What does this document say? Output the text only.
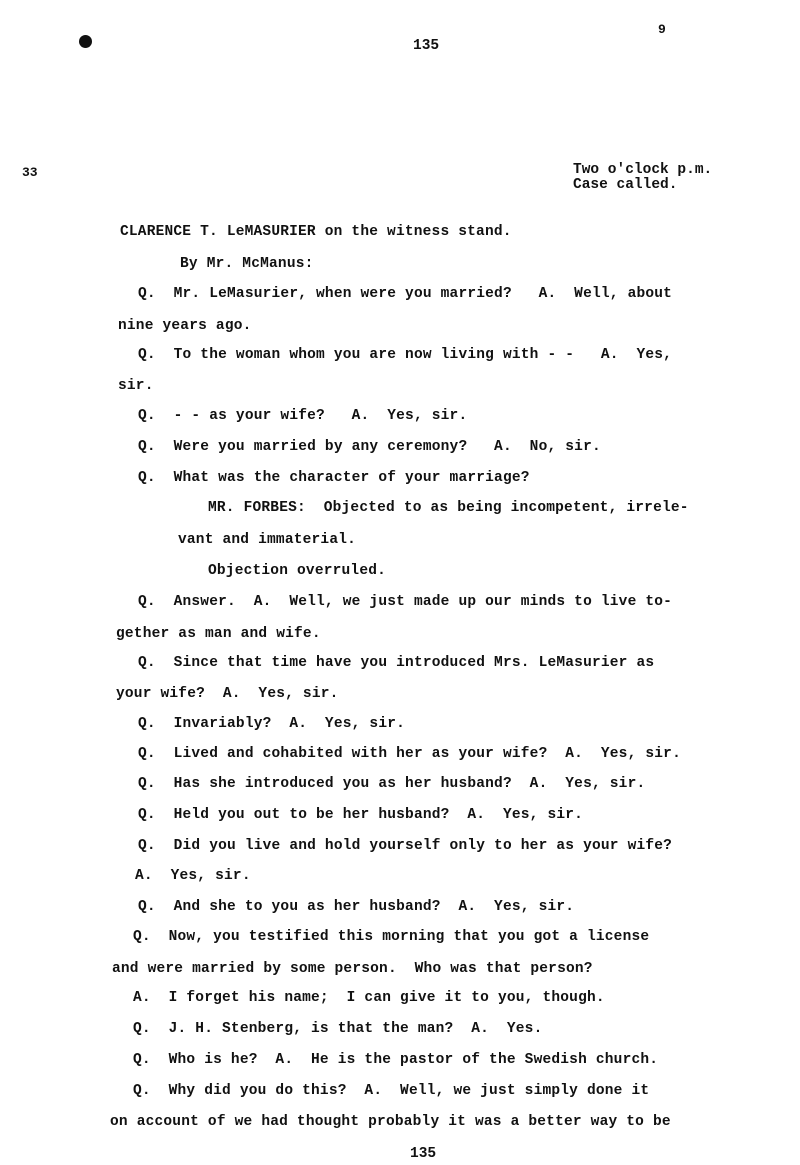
135
9
33	Two o'clock p.m.
Case called.
CLARENCE T. LeMASURIER on the witness stand.
By Mr. McManus:
Q.  Mr. LeMasurier, when were you married?   A.  Well, about
nine years ago.
Q.  To the woman whom you are now living with - -   A.  Yes,
sir.
Q.  - - as your wife?   A.  Yes, sir.
Q.  Were you married by any ceremony?   A.  No, sir.
Q.  What was the character of your marriage?
MR. FORBES:  Objected to as being incompetent, irrele-
vant and immaterial.
Objection overruled.
Q.  Answer.  A.  Well, we just made up our minds to live to-
gether as man and wife.
Q.  Since that time have you introduced Mrs. LeMasurier as
your wife?  A.  Yes, sir.
Q.  Invariably?  A.  Yes, sir.
Q.  Lived and cohabited with her as your wife?  A.  Yes, sir.
Q.  Has she introduced you as her husband?  A.  Yes, sir.
Q.  Held you out to be her husband?  A.  Yes, sir.
Q.  Did you live and hold yourself only to her as your wife?
A.  Yes, sir.
Q.  And she to you as her husband?  A.  Yes, sir.
Q.  Now, you testified this morning that you got a license
and were married by some person.  Who was that person?
A.  I forget his name;  I can give it to you, though.
Q.  J. H. Stenberg, is that the man?  A.  Yes.
Q.  Who is he?  A.  He is the pastor of the Swedish church.
Q.  Why did you do this?  A.  Well, we just simply done it
on account of we had thought probably it was a better way to be
135
